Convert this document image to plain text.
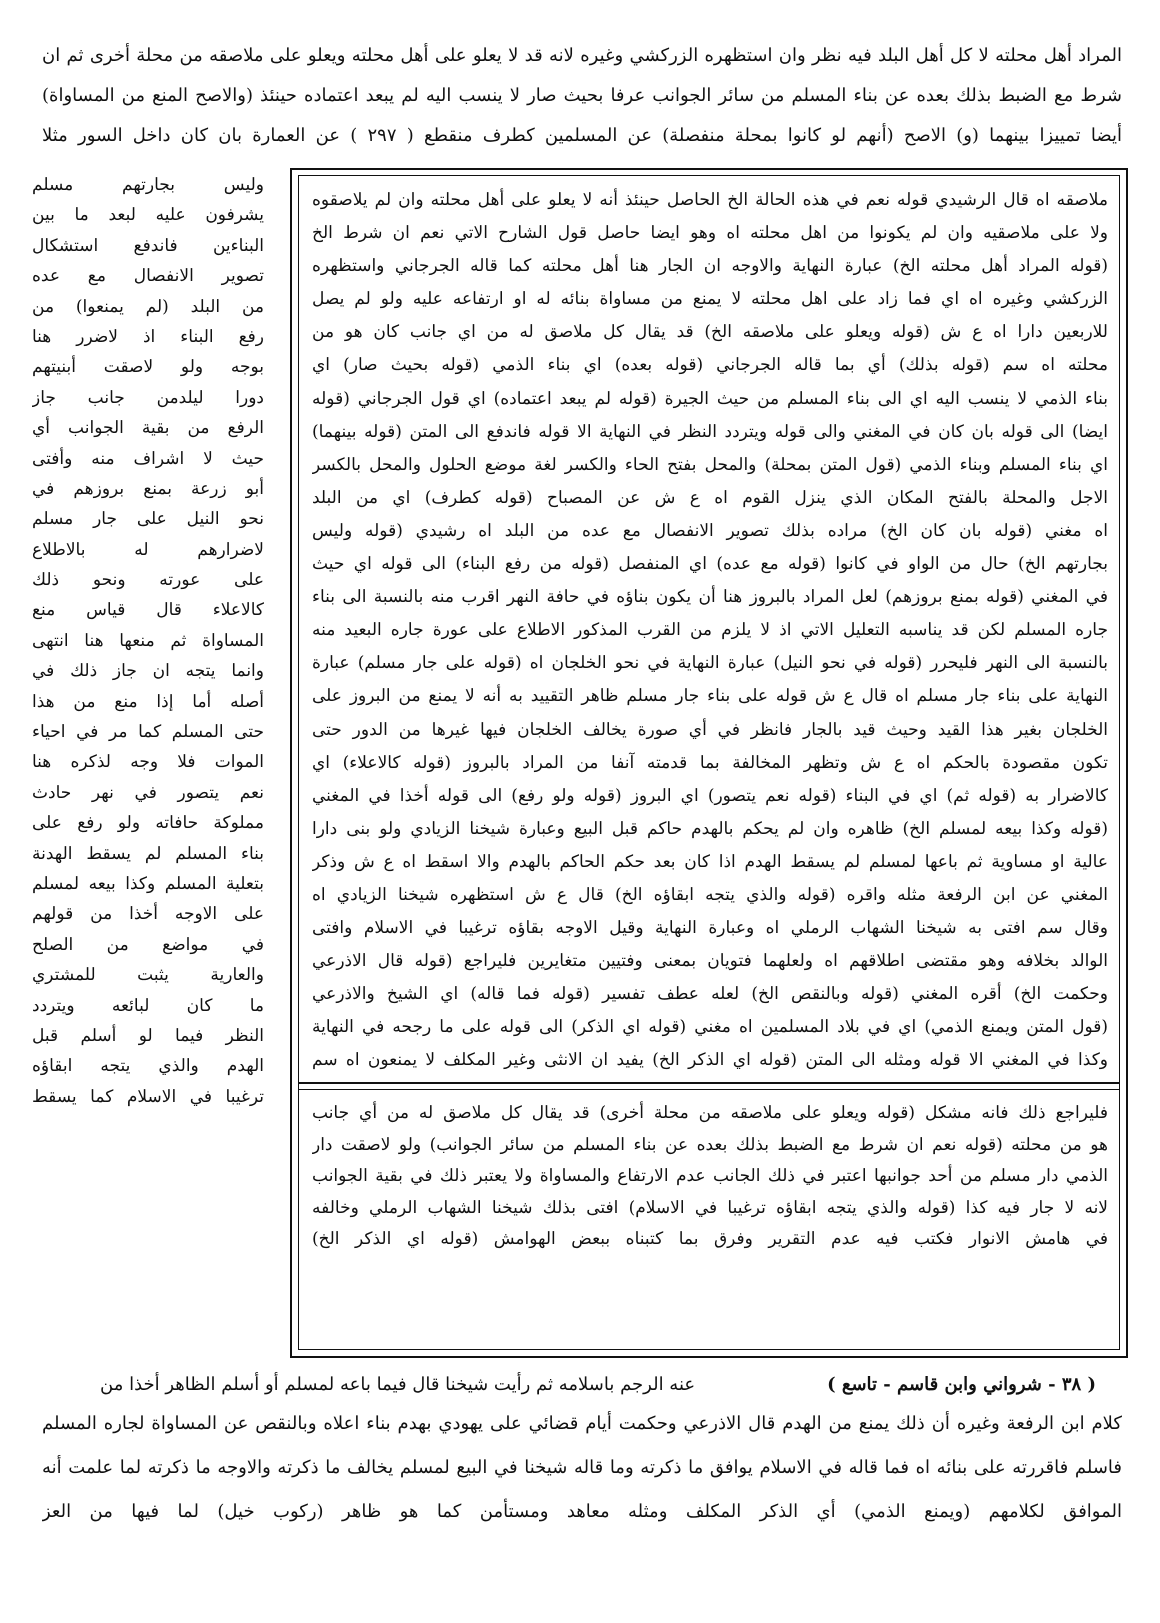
المراد أهل محلته لا كل أهل البلد فيه نظر وان استظهره الزركشي وغيره لانه قد لا يعلو على أهل محلته ويعلو على ملاصقه من محلة أخرى ثم ان
شرط مع الضبط بذلك بعده عن بناء المسلم من سائر الجوانب عرفا بحيث صار لا ينسب اليه لم يبعد اعتماده حينئذ (والاصح المنع من المساواة)
أيضا تمييزا بينهما (و) الاصح (أنهم لو كانوا بمحلة منفصلة) عن المسلمين كطرف منقطع ( ٢٩٧ ) عن العمارة بان كان داخل السور مثلا
وليس بجارتهم مسلم
يشرفون عليه لبعد ما بين
البناءين فاندفع استشكال
تصوير الانفصال مع عده
من البلد (لم يمنعوا) من
رفع البناء اذ لاضرر هنا
بوجه ولو لاصقت أبنيتهم
دورا ليلدمن جانب جاز
الرفع من بقية الجوانب أي
حيث لا اشراف منه وأفتى
أبو زرعة بمنع بروزهم في
نحو النيل على جار مسلم
لاضرارهم له بالاطلاع
على عورته ونحو ذلك
كالاعلاء قال قياس منع
المساواة ثم منعها هنا انتهى
وانما يتجه ان جاز ذلك في
أصله أما إذا منع من هذا
حتى المسلم كما مر في احياء
الموات فلا وجه لذكره هنا
نعم يتصور في نهر حادث
مملوكة حافاته ولو رفع على
بناء المسلم لم يسقط الهدنة
بتعلية المسلم وكذا بيعه لمسلم
على الاوجه أخذا من قولهم
في مواضع من الصلح
والعارية يثبت للمشتري
ما كان لبائعه ويتردد
النظر فيما لو أسلم قبل
الهدم والذي يتجه ابقاؤه
ترغيبا في الاسلام كما يسقط
ملاصقه اه قال الرشيدي قوله نعم في هذه الحالة الخ الحاصل حينئذ أنه لا يعلو على أهل محلته وان لم يلاصقوه
ولا على ملاصقيه وان لم يكونوا من اهل محلته اه وهو ايضا حاصل قول الشارح الاتي نعم ان شرط الخ
(قوله المراد أهل محلته الخ) عبارة النهاية والاوجه ان الجار هنا أهل محلته كما قاله الجرجاني واستظهره
الزركشي وغيره اه اي فما زاد على اهل محلته لا يمنع من مساواة بنائه له او ارتفاعه عليه ولو لم يصل
للاربعين دارا اه ع ش (قوله ويعلو على ملاصقه الخ) قد يقال كل ملاصق له من اي جانب كان هو من
محلته اه سم (قوله بذلك) أي بما قاله الجرجاني (قوله بعده) اي بناء الذمي (قوله بحيث صار) اي
بناء الذمي لا ينسب اليه اي الى بناء المسلم من حيث الجيرة (قوله لم يبعد اعتماده) اي قول الجرجاني (قوله
ايضا) الى قوله بان كان في المغني والى قوله ويتردد النظر في النهاية الا قوله فاندفع الى المتن (قوله بينهما)
اي بناء المسلم وبناء الذمي (قول المتن بمحلة) والمحل بفتح الحاء والكسر لغة موضع الحلول والمحل بالكسر
الاجل والمحلة بالفتح المكان الذي ينزل القوم اه ع ش عن المصباح (قوله كطرف) اي من البلد
اه مغني (قوله بان كان الخ) مراده بذلك تصوير الانفصال مع عده من البلد اه رشيدي (قوله وليس
بجارتهم الخ) حال من الواو في كانوا (قوله مع عده) اي المنفصل (قوله من رفع البناء) الى قوله اي حيث
في المغني (قوله بمنع بروزهم) لعل المراد بالبروز هنا أن يكون بناؤه في حافة النهر اقرب منه بالنسبة الى بناء
جاره المسلم لكن قد يناسبه التعليل الاتي اذ لا يلزم من القرب المذكور الاطلاع على عورة جاره البعيد منه
بالنسبة الى النهر فليحرر (قوله في نحو النيل) عبارة النهاية في نحو الخلجان اه (قوله على جار مسلم) عبارة
النهاية على بناء جار مسلم اه قال ع ش قوله على بناء جار مسلم ظاهر التقييد به أنه لا يمنع من البروز على
الخلجان بغير هذا القيد وحيث قيد بالجار فانظر في أي صورة يخالف الخلجان فيها غيرها من الدور حتى
تكون مقصودة بالحكم اه ع ش وتظهر المخالفة بما قدمته آنفا من المراد بالبروز (قوله كالاعلاء) اي
كالاضرار به (قوله ثم) اي في البناء (قوله نعم يتصور) اي البروز (قوله ولو رفع) الى قوله أخذا في المغني
(قوله وكذا بيعه لمسلم الخ) ظاهره وان لم يحكم بالهدم حاكم قبل البيع وعبارة شيخنا الزيادي ولو بنى دارا
عالية او مساوية ثم باعها لمسلم لم يسقط الهدم اذا كان بعد حكم الحاكم بالهدم والا اسقط اه ع ش وذكر
المغني عن ابن الرفعة مثله واقره (قوله والذي يتجه ابقاؤه الخ) قال ع ش استظهره شيخنا الزيادي اه
وقال سم افتى به شيخنا الشهاب الرملي اه وعبارة النهاية وقيل الاوجه بقاؤه ترغيبا في الاسلام وافتى
الوالد بخلافه وهو مقتضى اطلاقهم اه ولعلهما فتويان بمعنى وفتيين متغايرين فليراجع (قوله قال الاذرعي
وحكمت الخ) أقره المغني (قوله وبالنقص الخ) لعله عطف تفسير (قوله فما قاله) اي الشيخ والاذرعي
(قول المتن ويمنع الذمي) اي في بلاد المسلمين اه مغني (قوله اي الذكر) الى قوله على ما رجحه في النهاية
وكذا في المغني الا قوله ومثله الى المتن (قوله اي الذكر الخ) يفيد ان الانثى وغير المكلف لا يمنعون اه سم
فليراجع ذلك فانه مشكل (قوله ويعلو على ملاصقه من محلة أخرى) قد يقال كل ملاصق له من أي جانب
هو من محلته (قوله نعم ان شرط مع الضبط بذلك بعده عن بناء المسلم من سائر الجوانب) ولو لاصقت دار
الذمي دار مسلم من أحد جوانبها اعتبر في ذلك الجانب عدم الارتفاع والمساواة ولا يعتبر ذلك في بقية الجوانب
لانه لا جار فيه كذا (قوله والذي يتجه ابقاؤه ترغيبا في الاسلام) افتى بذلك شيخنا الشهاب الرملي وخالفه
في هامش الانوار فكتب فيه عدم التقرير وفرق بما كتبناه ببعض الهوامش (قوله اي الذكر الخ)
( ٣٨ - شرواني وابن قاسم - تاسع )
عنه الرجم باسلامه ثم رأيت شيخنا قال فيما باعه لمسلم أو أسلم الظاهر أخذا من
كلام ابن الرفعة وغيره أن ذلك يمنع من الهدم قال الاذرعي وحكمت أيام قضائي على يهودي بهدم بناء اعلاه وبالنقص عن المساواة لجاره المسلم
فاسلم فاقررته على بنائه اه فما قاله في الاسلام يوافق ما ذكرته وما قاله شيخنا في البيع لمسلم يخالف ما ذكرته والاوجه ما ذكرته لما علمت أنه
الموافق لكلامهم (ويمنع الذمي) أي الذكر المكلف ومثله معاهد ومستأمن كما هو ظاهر (ركوب خيل) لما فيها من العز
